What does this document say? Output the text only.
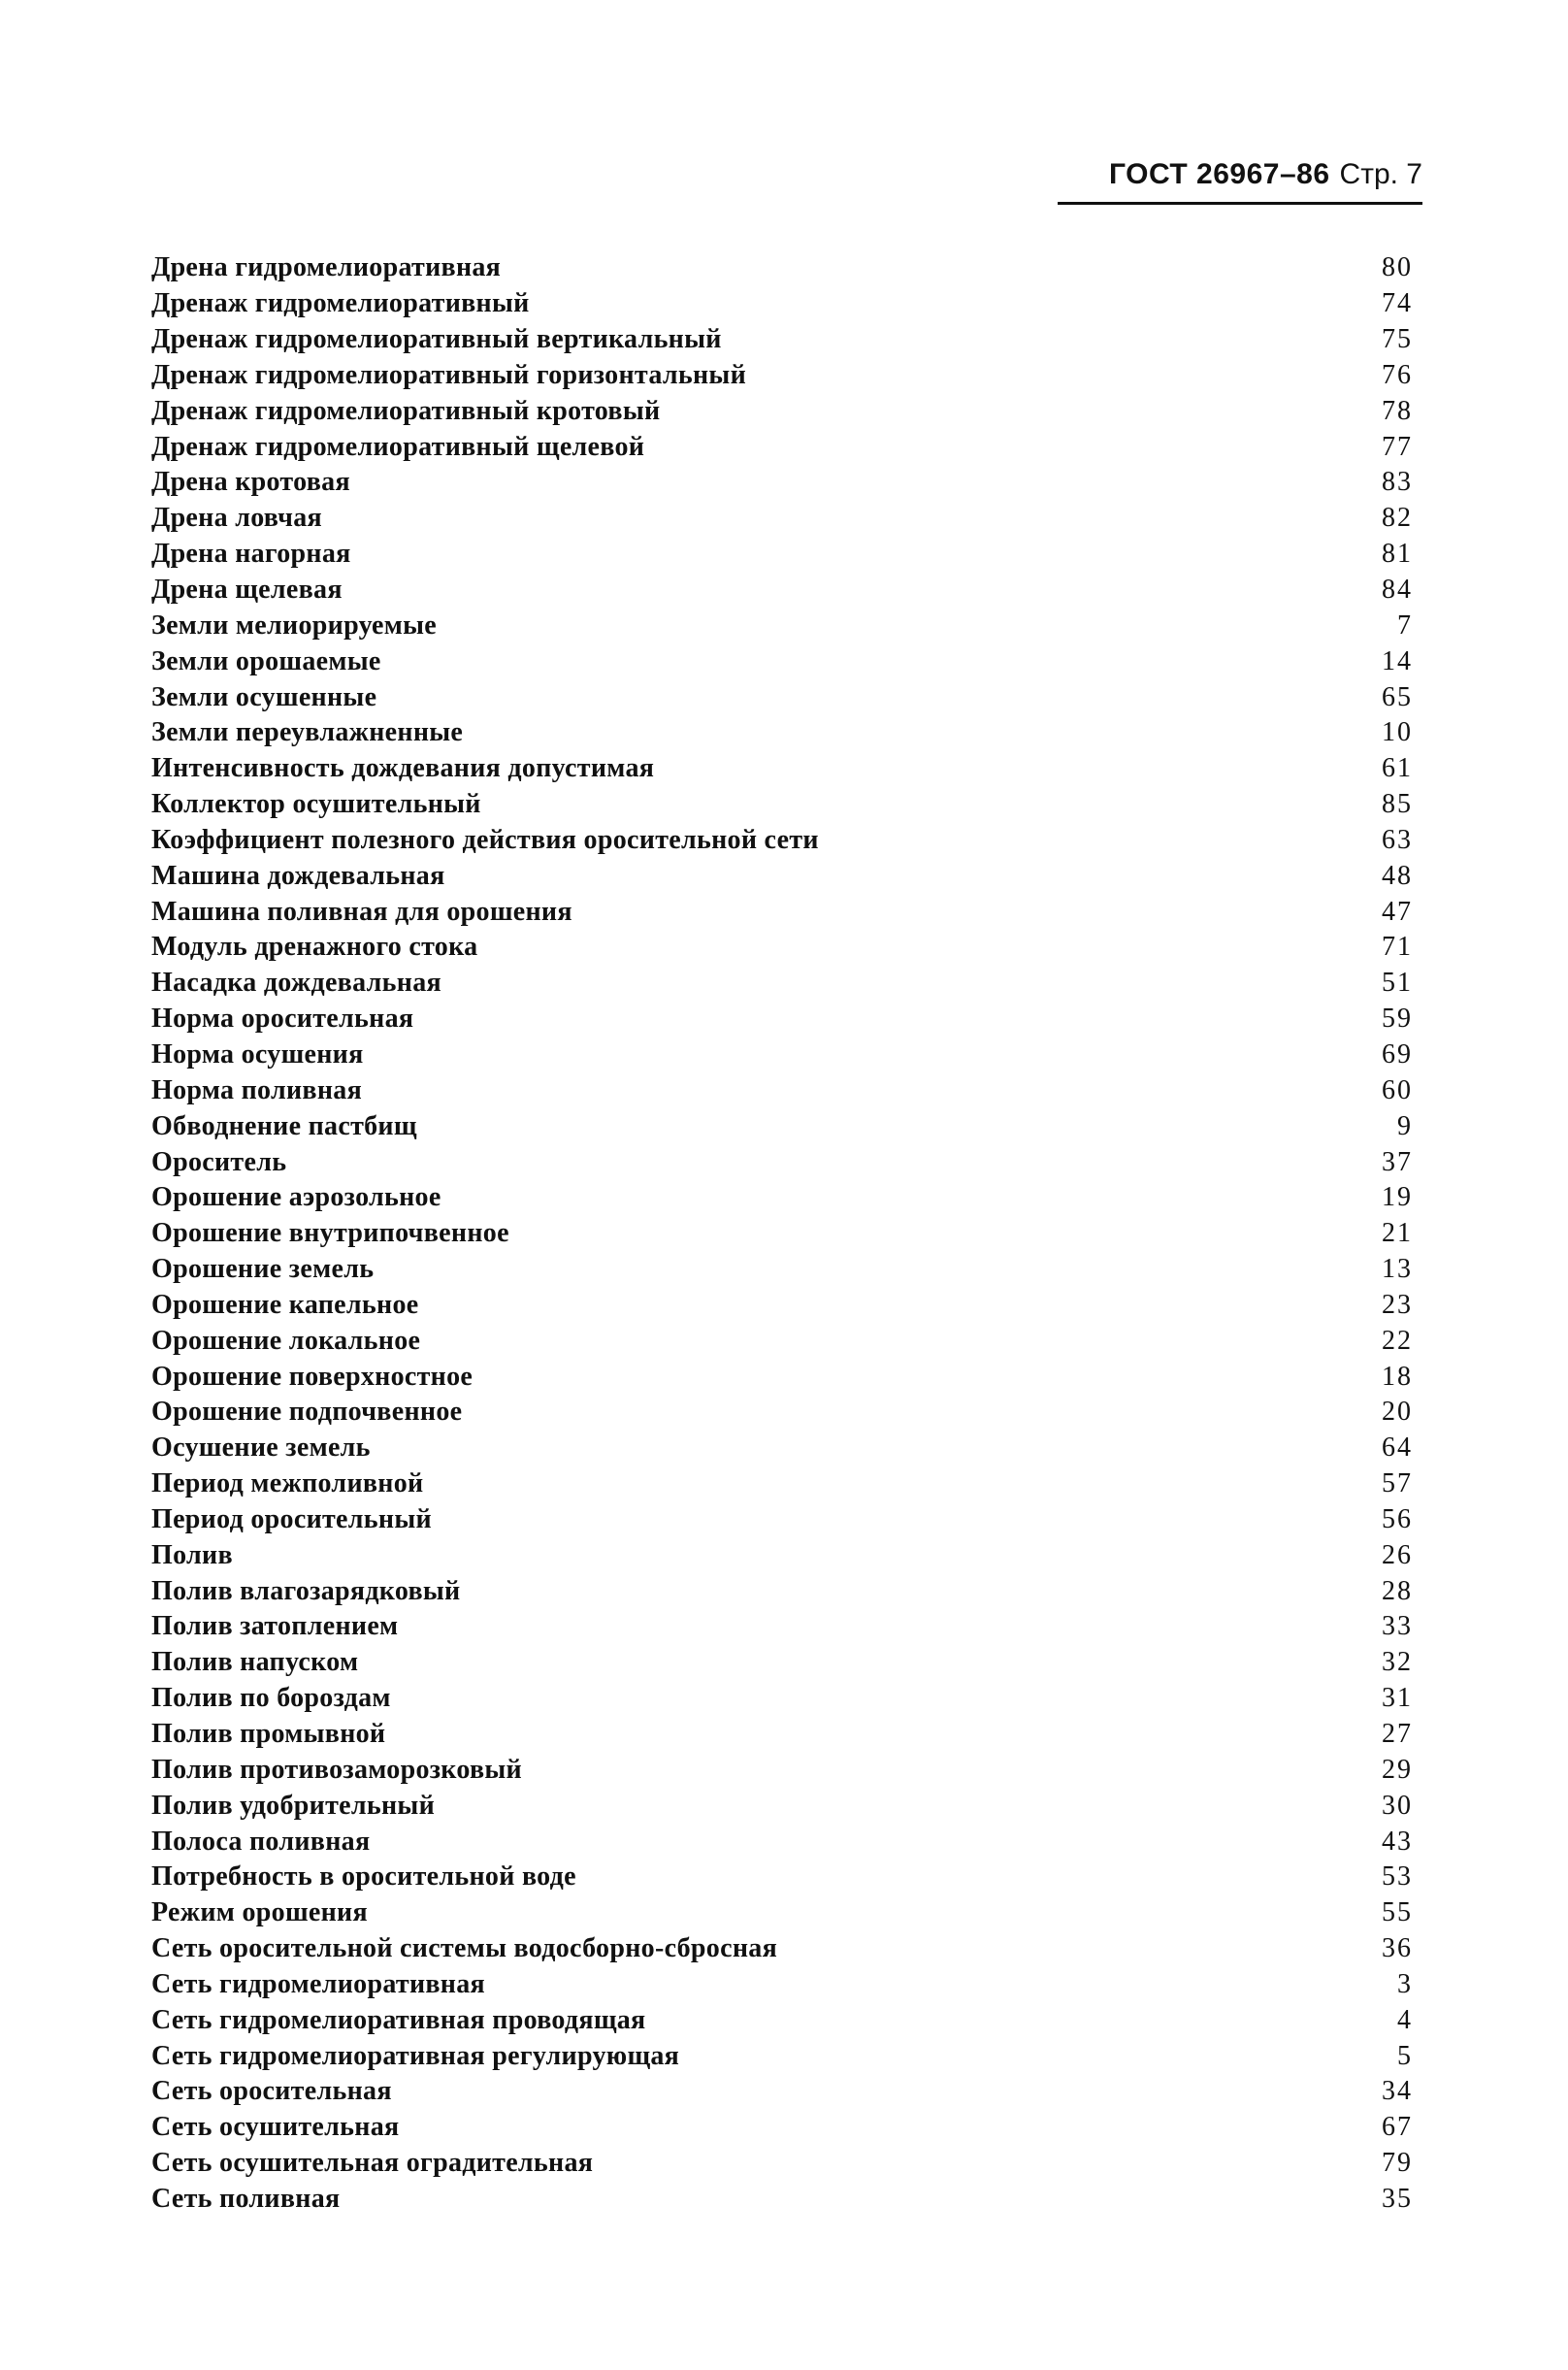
ГОСТ 26967–86 Стр. 7
Дрена гидромелиоративная	80
Дренаж гидромелиоративный	74
Дренаж гидромелиоративный вертикальный	75
Дренаж гидромелиоративный горизонтальный	76
Дренаж гидромелиоративный кротовый	78
Дренаж гидромелиоративный щелевой	77
Дрена кротовая	83
Дрена ловчая	82
Дрена нагорная	81
Дрена щелевая	84
Земли мелиорируемые	7
Земли орошаемые	14
Земли осушенные	65
Земли переувлажненные	10
Интенсивность дождевания допустимая	61
Коллектор осушительный	85
Коэффициент полезного действия оросительной сети	63
Машина дождевальная	48
Машина поливная для орошения	47
Модуль дренажного стока	71
Насадка дождевальная	51
Норма оросительная	59
Норма осушения	69
Норма поливная	60
Обводнение пастбищ	9
Ороситель	37
Орошение аэрозольное	19
Орошение внутрипочвенное	21
Орошение земель	13
Орошение капельное	23
Орошение локальное	22
Орошение поверхностное	18
Орошение подпочвенное	20
Осушение земель	64
Период межполивной	57
Период оросительный	56
Полив	26
Полив влагозарядковый	28
Полив затоплением	33
Полив напуском	32
Полив по бороздам	31
Полив промывной	27
Полив противозаморозковый	29
Полив удобрительный	30
Полоса поливная	43
Потребность в оросительной воде	53
Режим орошения	55
Сеть оросительной системы водосборно-сбросная	36
Сеть гидромелиоративная	3
Сеть гидромелиоративная проводящая	4
Сеть гидромелиоративная регулирующая	5
Сеть оросительная	34
Сеть осушительная	67
Сеть осушительная оградительная	79
Сеть поливная	35
